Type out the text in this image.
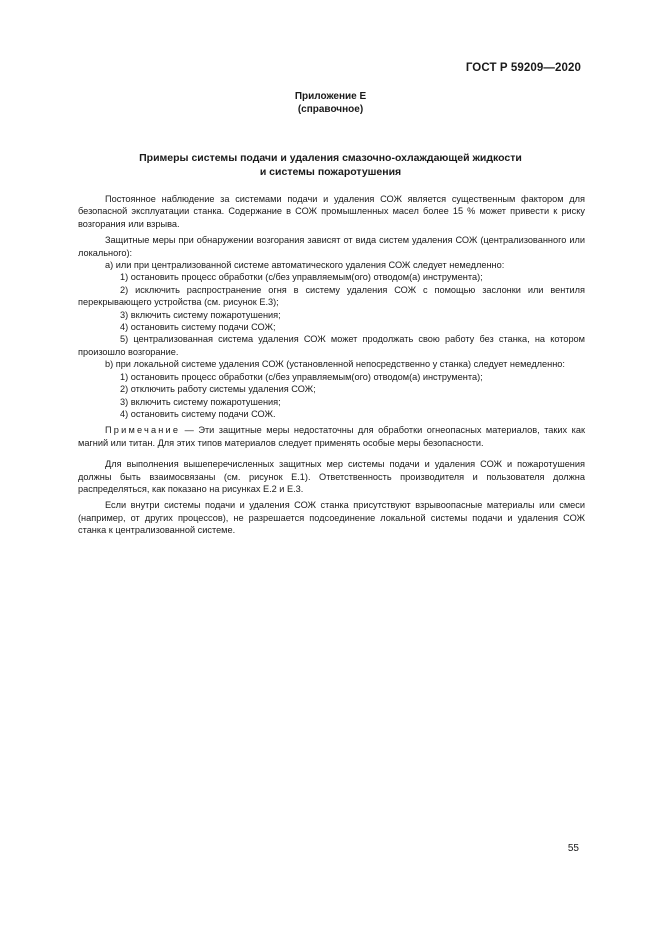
ГОСТ Р 59209—2020
Приложение Е
(справочное)
Примеры системы подачи и удаления смазочно-охлаждающей жидкости
и системы пожаротушения

Постоянное наблюдение за системами подачи и удаления СОЖ является существенным фактором для безопасной эксплуатации станка. Содержание в СОЖ промышленных масел более 15 % может привести к риску возгорания или взрыва.

Защитные меры при обнаружении возгорания зависят от вида систем удаления СОЖ (централизованного или локального):

a) или при централизованной системе автоматического удаления СОЖ следует немедленно:

1) остановить процесс обработки (с/без управляемым(ого) отводом(а) инструмента);

2) исключить распространение огня в систему удаления СОЖ с помощью заслонки или вентиля перекрывающего устройства (см. рисунок Е.3);

3) включить систему пожаротушения;

4) остановить систему подачи СОЖ;

5) централизованная система удаления СОЖ может продолжать свою работу без станка, на котором произошло возгорание.

b) при локальной системе удаления СОЖ (установленной непосредственно у станка) следует немедленно:

1) остановить процесс обработки (с/без управляемым(ого) отводом(а) инструмента);

2) отключить работу системы удаления СОЖ;

3) включить систему пожаротушения;

4) остановить систему подачи СОЖ.

Примечание — Эти защитные меры недостаточны для обработки огнеопасных материалов, таких как магний или титан. Для этих типов материалов следует применять особые меры безопасности.

Для выполнения вышеперечисленных защитных мер системы подачи и удаления СОЖ и пожаротушения должны быть взаимосвязаны (см. рисунок Е.1). Ответственность производителя и пользователя должна распределяться, как показано на рисунках Е.2 и Е.3.

Если внутри системы подачи и удаления СОЖ станка присутствуют взрывоопасные материалы или смеси (например, от других процессов), не разрешается подсоединение локальной системы подачи и удаления СОЖ станка к централизованной системе.

55
